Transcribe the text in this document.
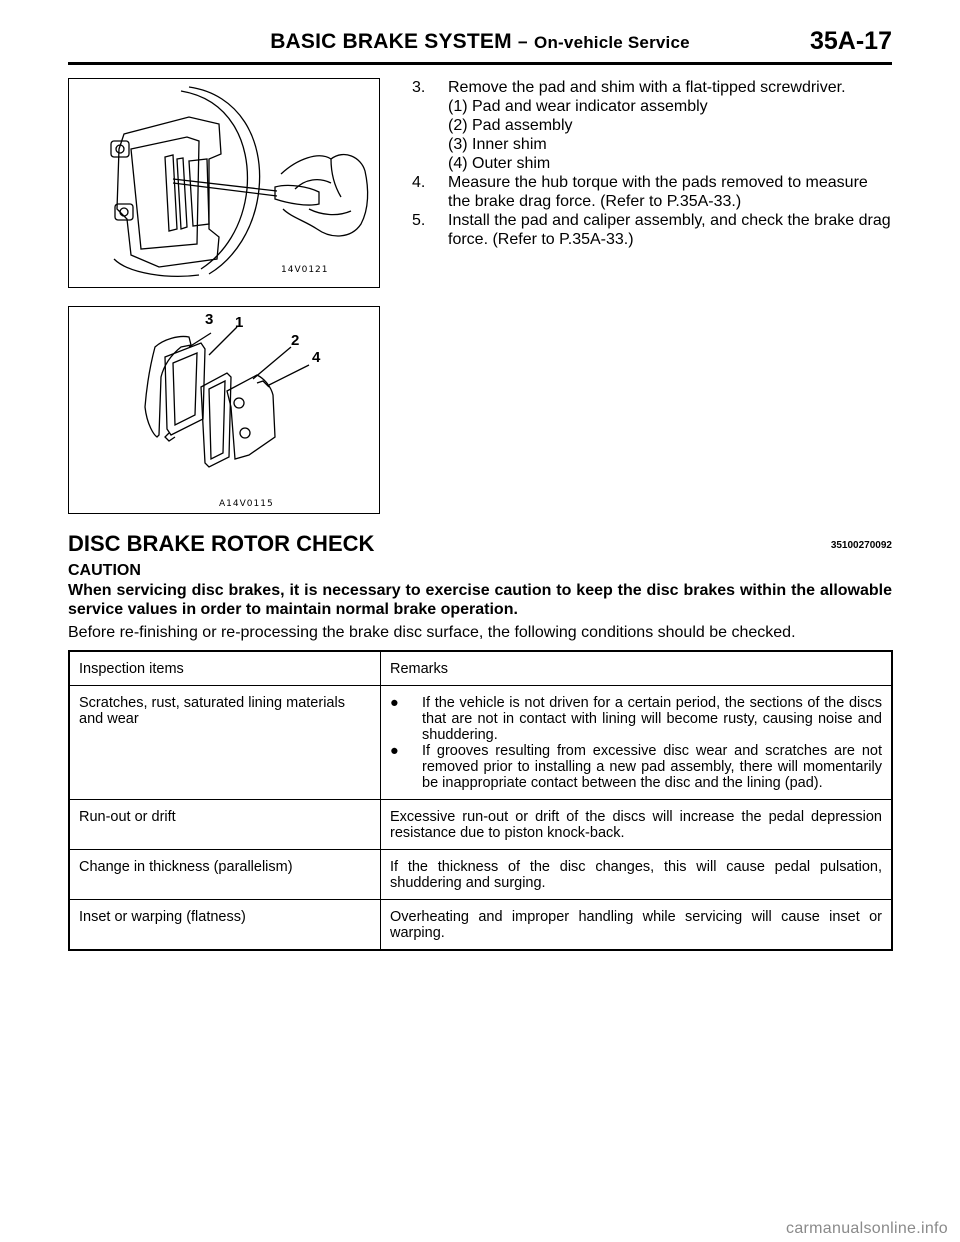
BASIC BRAKE SYSTEM − On-vehicle Service	35A-17
14V0121
3 1
2
4
A14V0115
3. Remove the pad and shim with a flat-tipped screwdriver.
(1) Pad and wear indicator assembly
(2) Pad assembly
(3) Inner shim
(4) Outer shim
4. Measure the hub torque with the pads removed to measure the brake drag force. (Refer to P.35A-33.)
5. Install the pad and caliper assembly, and check the brake drag force. (Refer to P.35A-33.)
DISC BRAKE ROTOR CHECK	35100270092
CAUTION
When servicing disc brakes, it is necessary to exercise caution to keep the disc brakes within the allowable service values in order to maintain normal brake operation.
Before re-finishing or re-processing the brake disc surface, the following conditions should be checked.
Inspection items	Remarks
Scratches, rust, saturated lining materials and wear	● If the vehicle is not driven for a certain period, the sections of the discs that are not in contact with lining will become rusty, causing noise and shuddering.
● If grooves resulting from excessive disc wear and scratches are not removed prior to installing a new pad assembly, there will momentarily be inappropriate contact between the disc and the lining (pad).

Run-out or drift	Excessive run-out or drift of the discs will increase the pedal depression resistance due to piston knock-back.
Change in thickness (parallelism)	If the thickness of the disc changes, this will cause pedal pulsation, shuddering and surging.
Inset or warping (flatness)	Overheating and improper handling while servicing will cause inset or warping.
carmanualsonline.info
